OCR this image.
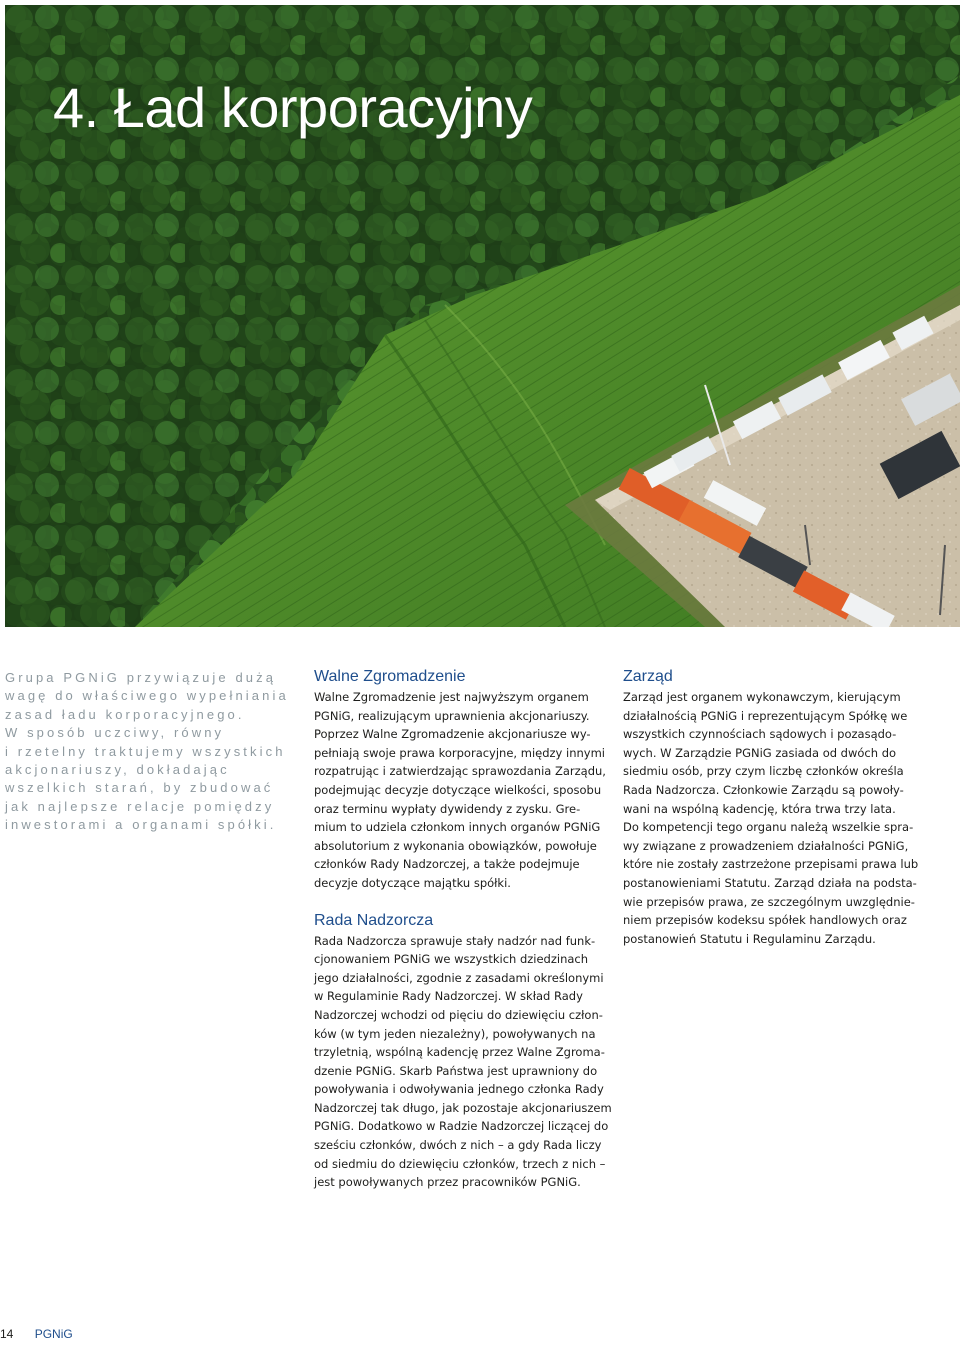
4. Ład korporacyjny
Grupa PGNiG przywiązuje dużą
wagę do właściwego wypełniania
zasad ładu korporacyjnego.
W sposób uczciwy, równy
i rzetelny traktujemy wszystkich
akcjonariuszy, dokładając
wszelkich starań, by zbudować
jak najlepsze relacje pomiędzy
inwestorami a organami spółki.
Walne Zgromadzenie

Walne Zgromadzenie jest najwyższym organem
PGNiG, realizującym uprawnienia akcjonariuszy.
Poprzez Walne Zgromadzenie akcjonariusze wy-
pełniają swoje prawa korporacyjne, między innymi
rozpatrując i zatwierdzając sprawozdania Zarządu,
podejmując decyzje dotyczące wielkości, sposobu
oraz terminu wypłaty dywidendy z zysku. Gre-
mium to udziela członkom innych organów PGNiG
absolutorium z wykonania obowiązków, powołuje
członków Rady Nadzorczej, a także podejmuje
decyzje dotyczące majątku spółki.

Rada Nadzorcza

Rada Nadzorcza sprawuje stały nadzór nad funk-
cjonowaniem PGNiG we wszystkich dziedzinach
jego działalności, zgodnie z zasadami określonymi
w Regulaminie Rady Nadzorczej. W skład Rady
Nadzorczej wchodzi od pięciu do dziewięciu człon-
ków (w tym jeden niezależny), powoływanych na
trzyletnią, wspólną kadencję przez Walne Zgroma-
dzenie PGNiG. Skarb Państwa jest uprawniony do
powoływania i odwoływania jednego członka Rady
Nadzorczej tak długo, jak pozostaje akcjonariuszem
PGNiG. Dodatkowo w Radzie Nadzorczej liczącej do
sześciu członków, dwóch z nich – a gdy Rada liczy
od siedmiu do dziewięciu członków, trzech z nich –
jest powoływanych przez pracowników PGNiG.

Zarząd

Zarząd jest organem wykonawczym, kierującym
działalnością PGNiG i reprezentującym Spółkę we
wszystkich czynnościach sądowych i pozasądo-
wych. W Zarządzie PGNiG zasiada od dwóch do
siedmiu osób, przy czym liczbę członków określa
Rada Nadzorcza. Członkowie Zarządu są powoły-
wani na wspólną kadencję, która trwa trzy lata.
Do kompetencji tego organu należą wszelkie spra-
wy związane z prowadzeniem działalności PGNiG,
które nie zostały zastrzeżone przepisami prawa lub
postanowieniami Statutu. Zarząd działa na podsta-
wie przepisów prawa, ze szczególnym uwzględnie-
niem przepisów kodeksu spółek handlowych oraz
postanowień Statutu i Regulaminu Zarządu.

14 PGNiG
